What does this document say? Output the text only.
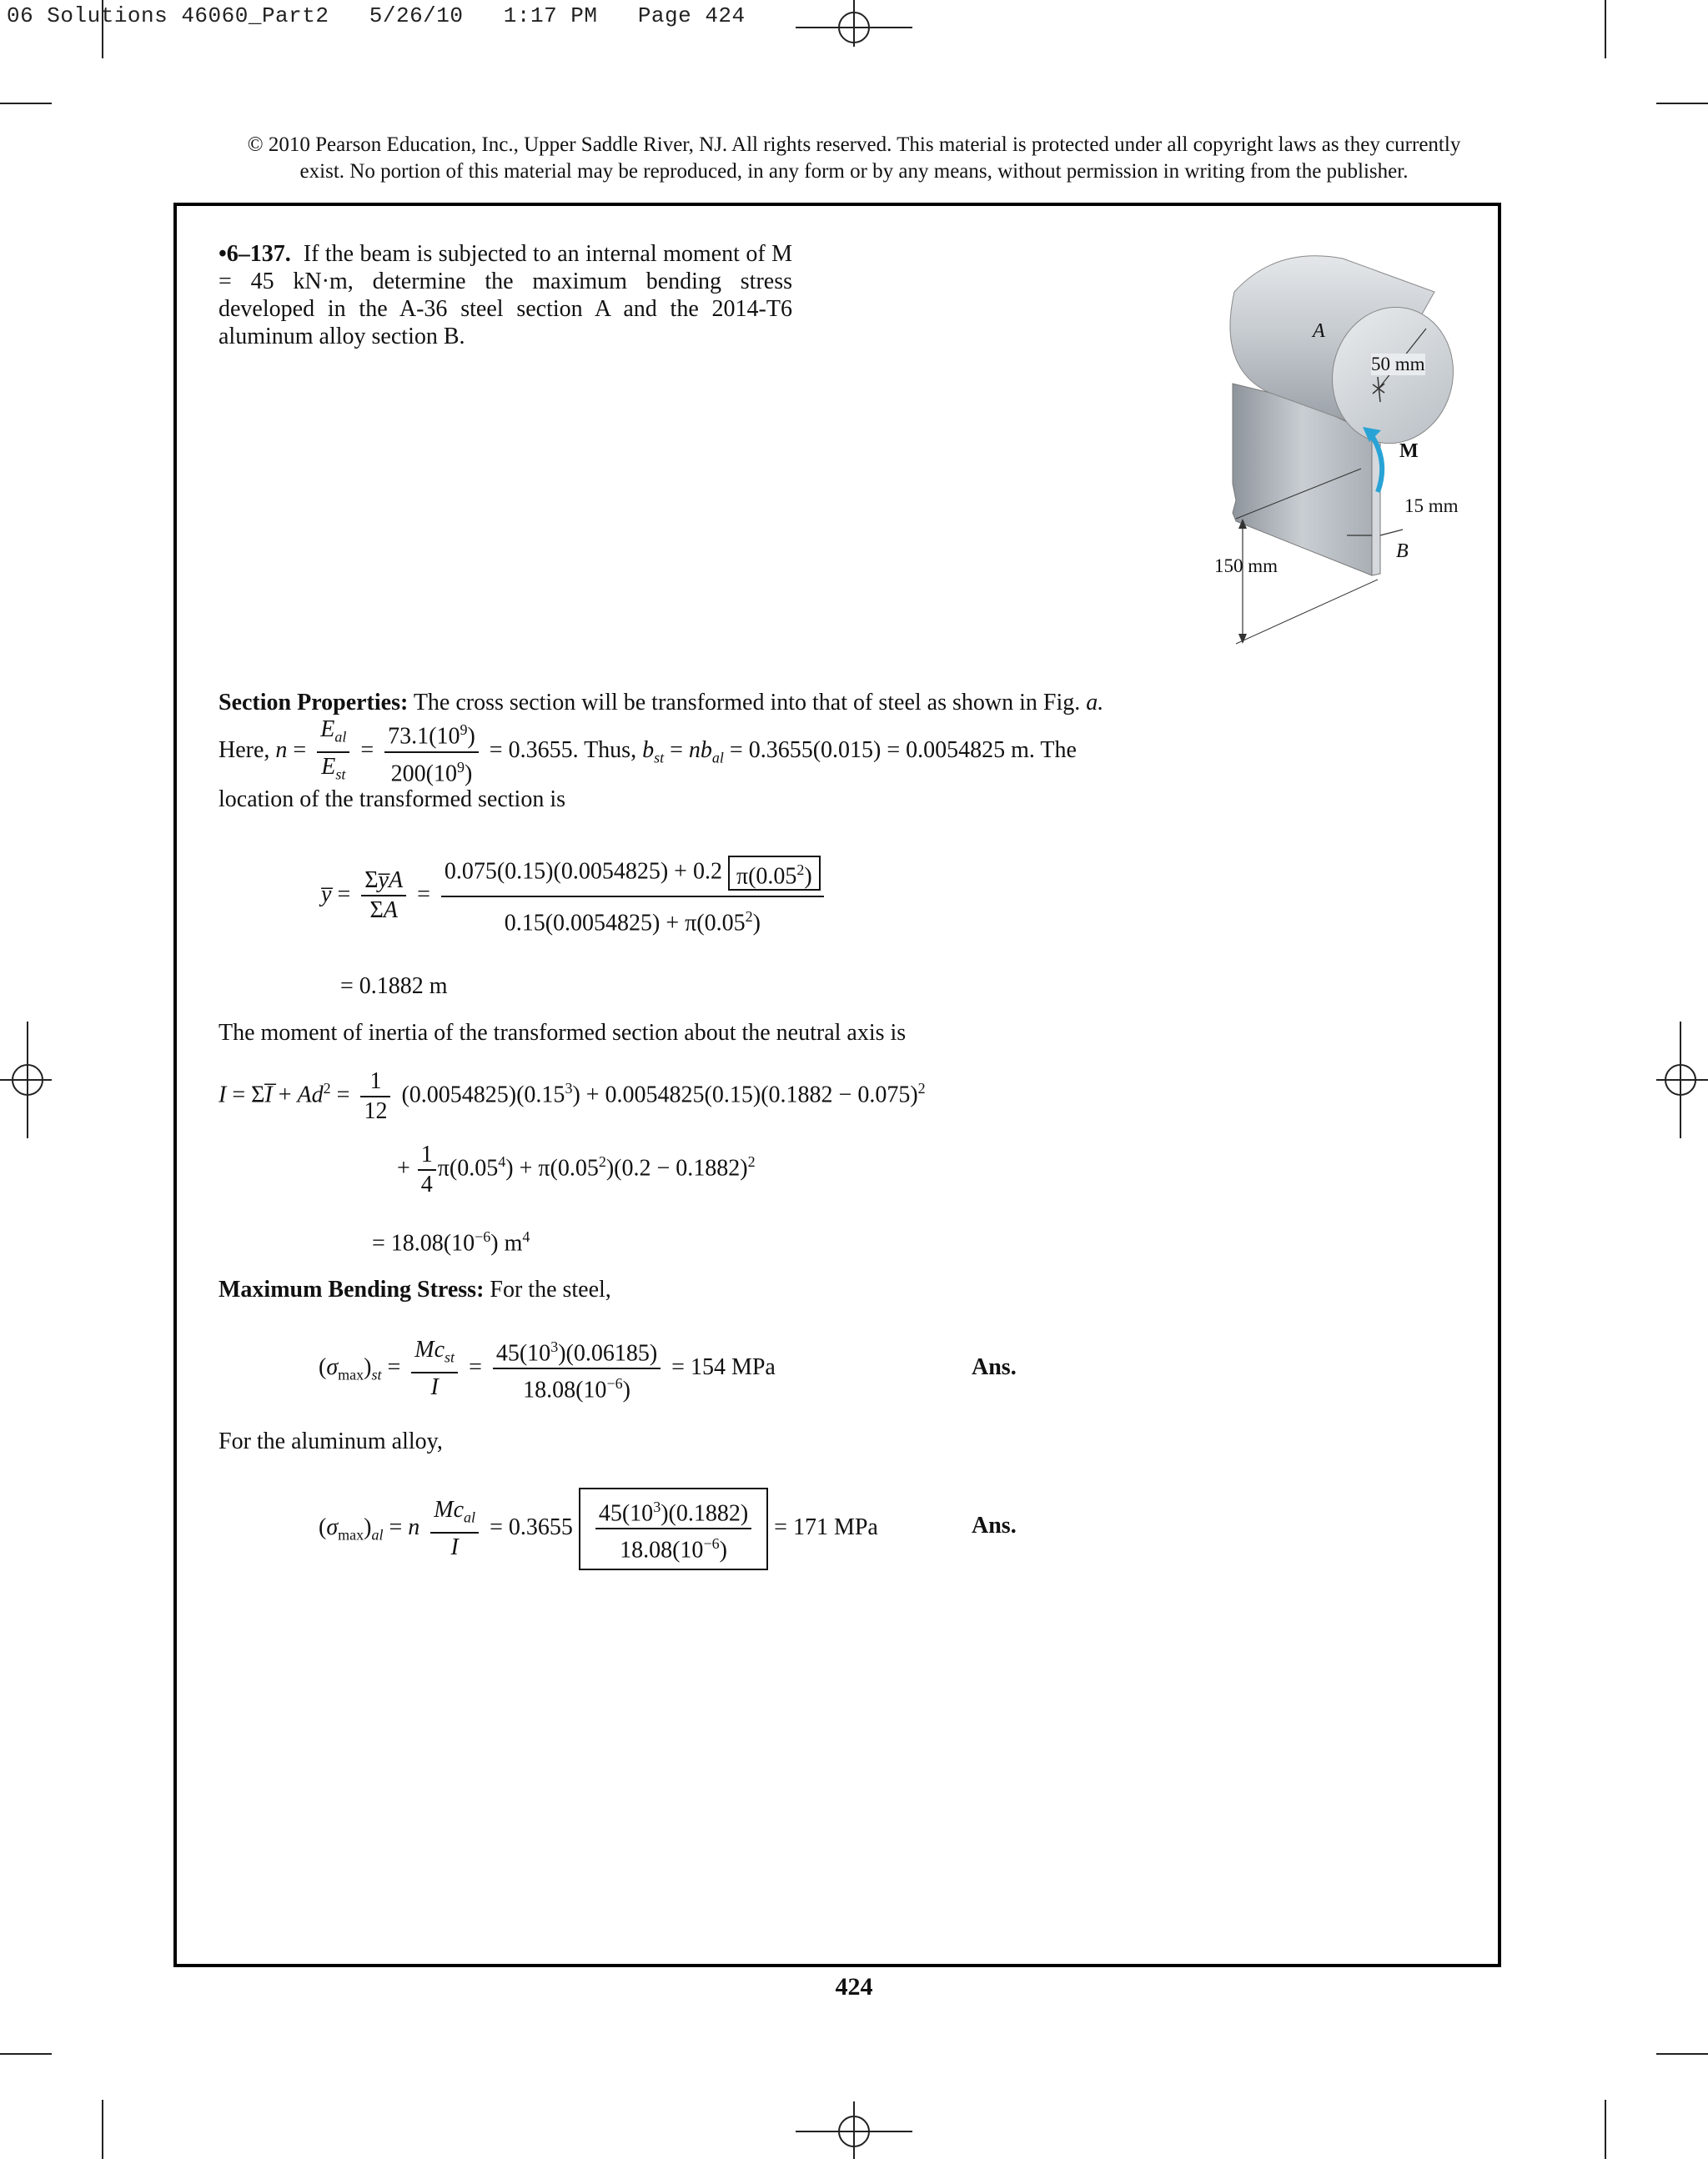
06 Solutions 46060_Part2   5/26/10   1:17 PM   Page 424
© 2010 Pearson Education, Inc., Upper Saddle River, NJ. All rights reserved. This material is protected under all copyright laws as they currently
exist. No portion of this material may be reproduced, in any form or by any means, without permission in writing from the publisher.
•6–137. If the beam is subjected to an internal moment of M = 45 kN·m, determine the maximum bending stress developed in the A-36 steel section A and the 2014-T6 aluminum alloy section B.	A
50 mm
M
15 mm
B
150 mm
Section Properties: The cross section will be transformed into that of steel as shown in Fig. a.
Here, $n = \frac{E_{al}}{E_{st}} = \frac{73.1(10^9)}{200(10^9)} = 0.3655$. Thus, $b_{st} = nb_{al} = 0.3655(0.015) = 0.0054825$ m. The
location of the transformed section is
y̅ = $\frac{\Sigma y̅A}{\Sigma A} = \frac{0.075(0.15)(0.0054825) + 0.2 \pi(0.05^2)}{0.15(0.0054825) + \pi(0.05^2)}$
= 0.1882 m
The moment of inertia of the transformed section about the neutral axis is
I = ΣI̅ + $Ad^2 = \frac{1}{12} (0.0054825)(0.15^3) + 0.0054825(0.15)(0.1882 - 0.075)^2$
+ $\frac{1}{4} \pi(0.05^4) + \pi(0.05^2)(0.2 - 0.1882)^2$
= $18.08(10^{-6})$ $m^4$
Maximum Bending Stress: For the steel,
$(\sigma_{max})_{st} = \frac{Mc_{st}}{I} = \frac{45(10^3)(0.06185)}{18.08(10^{-6})} = 154$ MPa	Ans.
For the aluminum alloy,
$(\sigma_{max})_{al} = n \frac{Mc_{al}}{I} = 0.3655 \frac{45(10^3)(0.1882)}{18.08(10^{-6})} = 171$ MPa	Ans.
424
